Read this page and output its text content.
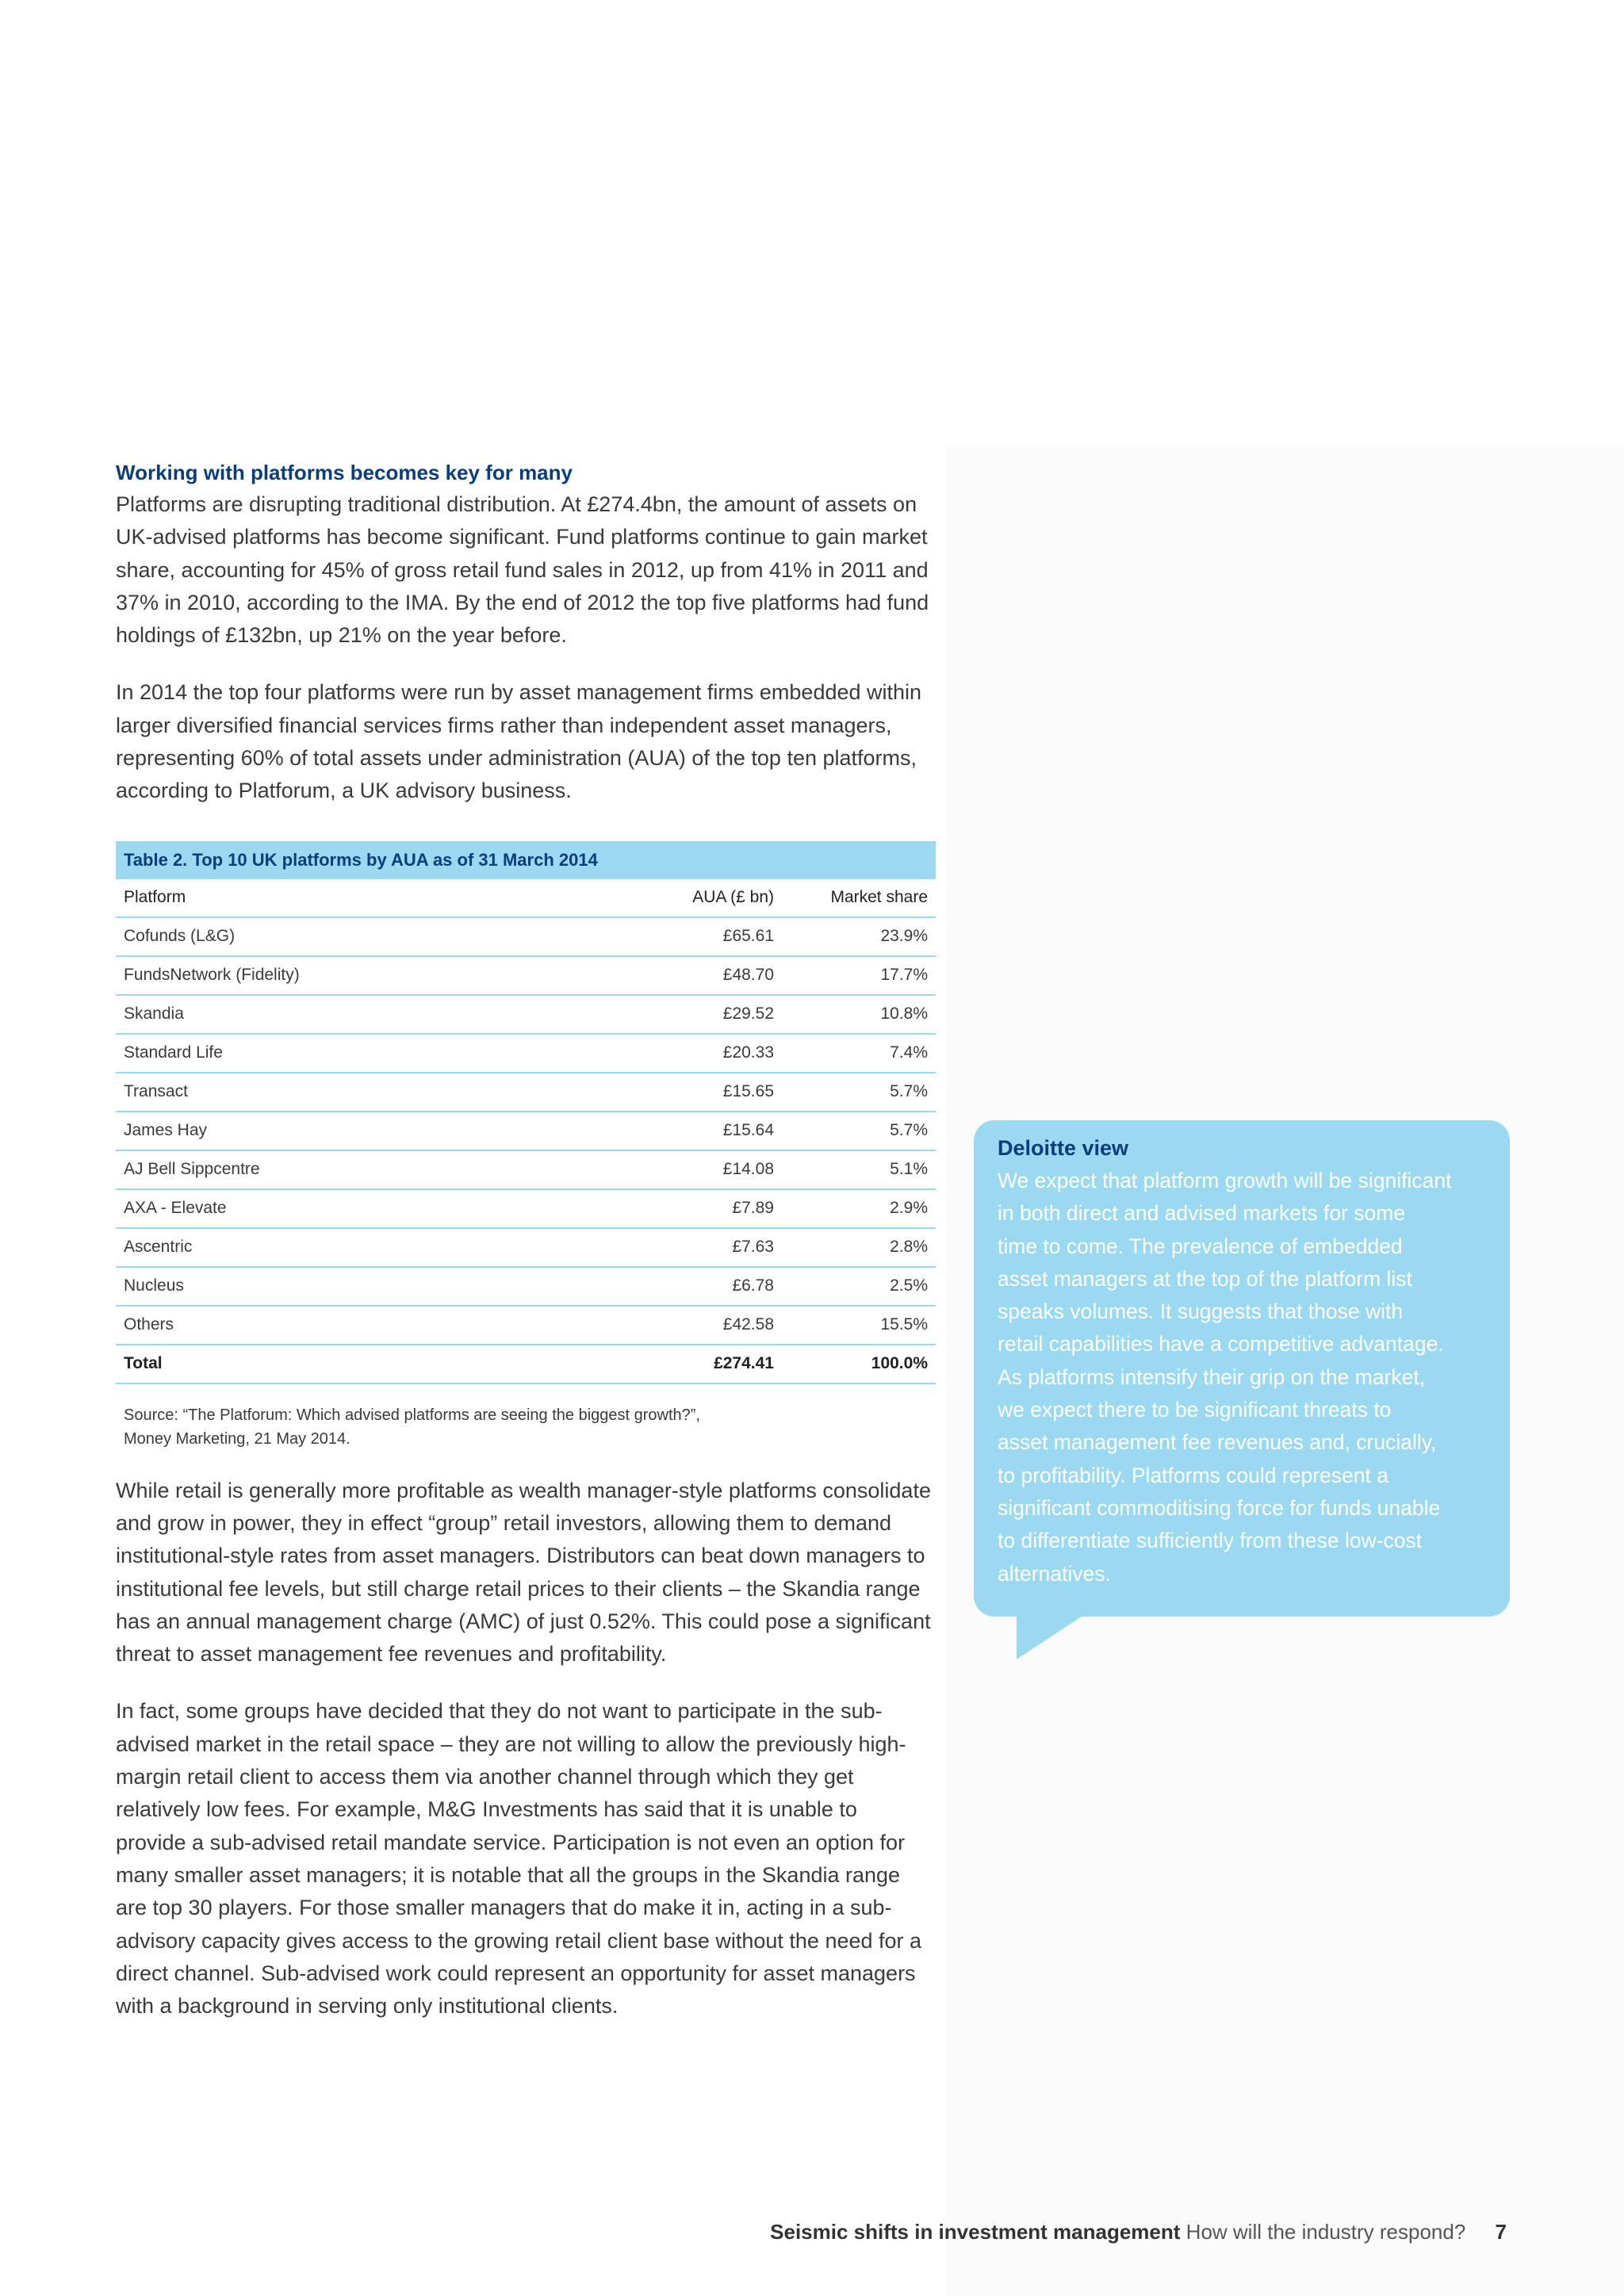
Working with platforms becomes key for many

Platforms are disrupting traditional distribution. At £274.4bn, the amount of assets on UK-advised platforms has become significant. Fund platforms continue to gain market share, accounting for 45% of gross retail fund sales in 2012, up from 41% in 2011 and 37% in 2010, according to the IMA. By the end of 2012 the top five platforms had fund holdings of £132bn, up 21% on the year before.

In 2014 the top four platforms were run by asset management firms embedded within larger diversified financial services firms rather than independent asset managers, representing 60% of total assets under administration (AUA) of the top ten platforms, according to Platforum, a UK advisory business.

Table 2. Top 10 UK platforms by AUA as of 31 March 2014
Platform	AUA (£ bn)	Market share
Cofunds (L&G)	£65.61	23.9%
FundsNetwork (Fidelity)	£48.70	17.7%
Skandia	£29.52	10.8%
Standard Life	£20.33	7.4%
Transact	£15.65	5.7%
James Hay	£15.64	5.7%
AJ Bell Sippcentre	£14.08	5.1%
AXA - Elevate	£7.89	2.9%
Ascentric	£7.63	2.8%
Nucleus	£6.78	2.5%
Others	£42.58	15.5%
Total	£274.41	100.0%
Source: “The Platforum: Which advised platforms are seeing the biggest growth?”,
Money Marketing, 21 May 2014.

While retail is generally more profitable as wealth manager-style platforms consolidate and grow in power, they in effect “group” retail investors, allowing them to demand institutional-style rates from asset managers. Distributors can beat down managers to institutional fee levels, but still charge retail prices to their clients – the Skandia range has an annual management charge (AMC) of just 0.52%. This could pose a significant threat to asset management fee revenues and profitability.

In fact, some groups have decided that they do not want to participate in the sub-advised market in the retail space – they are not willing to allow the previously high-margin retail client to access them via another channel through which they get relatively low fees. For example, M&G Investments has said that it is unable to provide a sub-advised retail mandate service. Participation is not even an option for many smaller asset managers; it is notable that all the groups in the Skandia range are top 30 players. For those smaller managers that do make it in, acting in a sub-advisory capacity gives access to the growing retail client base without the need for a direct channel. Sub-advised work could represent an opportunity for asset managers with a background in serving only institutional clients.

Deloitte view
We expect that platform growth will be significant
in both direct and advised markets for some
time to come. The prevalence of embedded
asset managers at the top of the platform list
speaks volumes. It suggests that those with
retail capabilities have a competitive advantage.
As platforms intensify their grip on the market,
we expect there to be significant threats to
asset management fee revenues and, crucially,
to profitability. Platforms could represent a
significant commoditising force for funds unable
to differentiate sufficiently from these low-cost
alternatives.
Seismic shifts in investment management How will the industry respond? 7
